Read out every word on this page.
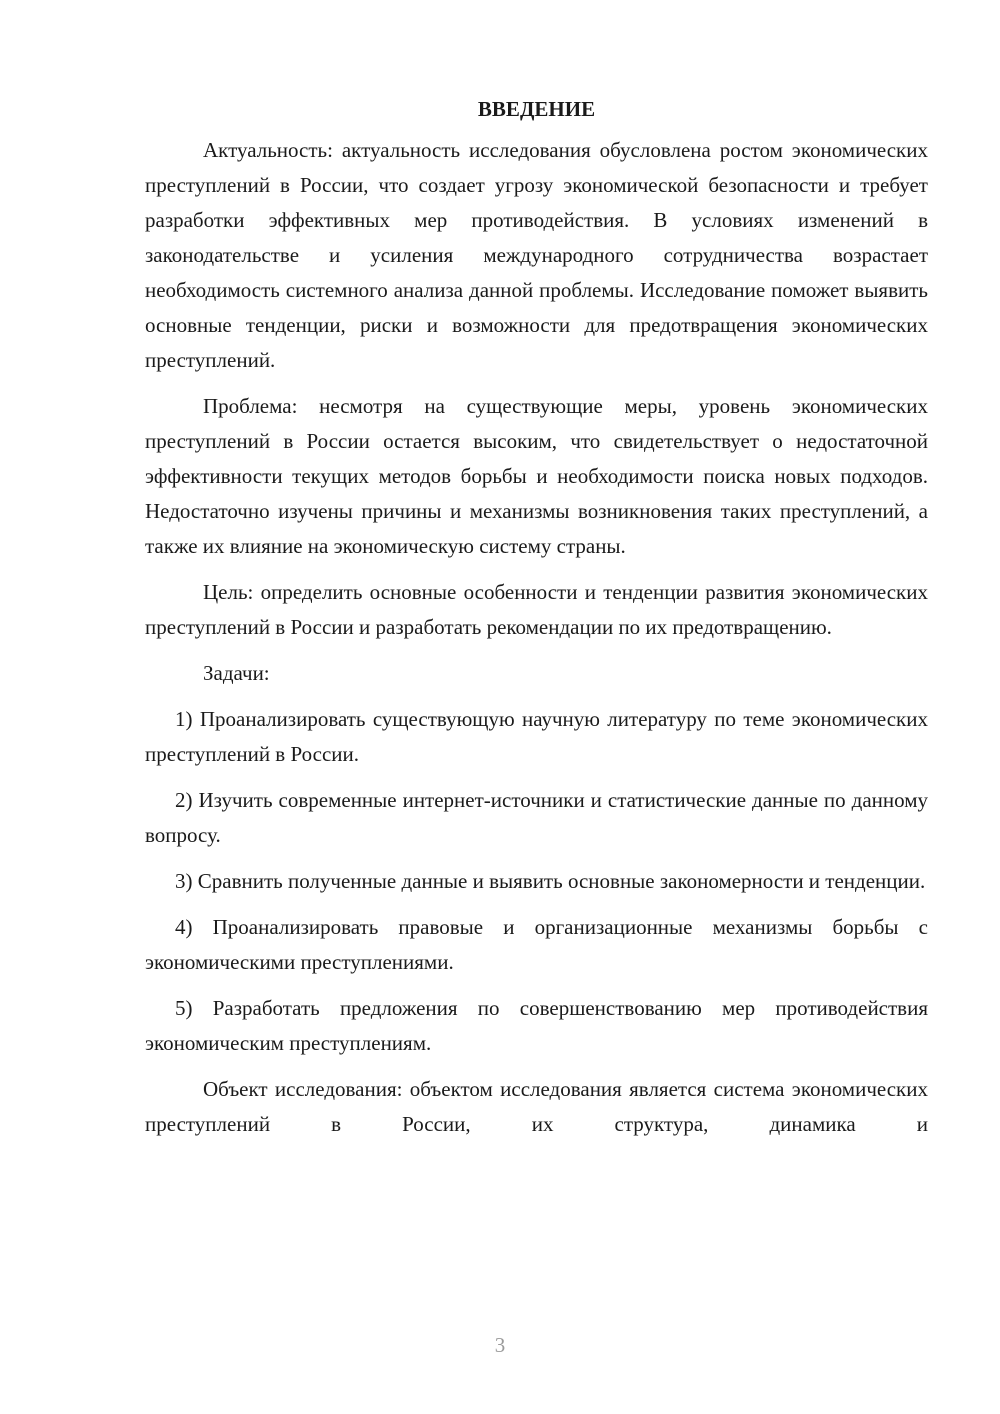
ВВЕДЕНИЕ

Актуальность: актуальность исследования обусловлена ростом экономических преступлений в России, что создает угрозу экономической безопасности и требует разработки эффективных мер противодействия. В условиях изменений в законодательстве и усиления международного сотрудничества возрастает необходимость системного анализа данной проблемы. Исследование поможет выявить основные тенденции, риски и возможности для предотвращения экономических преступлений.

Проблема: несмотря на существующие меры, уровень экономических преступлений в России остается высоким, что свидетельствует о недостаточной эффективности текущих методов борьбы и необходимости поиска новых подходов. Недостаточно изучены причины и механизмы возникновения таких преступлений, а также их влияние на экономическую систему страны.

Цель: определить основные особенности и тенденции развития экономических преступлений в России и разработать рекомендации по их предотвращению.

Задачи:

1) Проанализировать существующую научную литературу по теме экономических преступлений в России.

2) Изучить современные интернет-источники и статистические данные по данному вопросу.

3) Сравнить полученные данные и выявить основные закономерности и тенденции.

4) Проанализировать правовые и организационные механизмы борьбы с экономическими преступлениями.

5) Разработать предложения по совершенствованию мер противодействия экономическим преступлениям.

Объект исследования: объектом исследования является система экономических преступлений в России, их структура, динамика и

3
